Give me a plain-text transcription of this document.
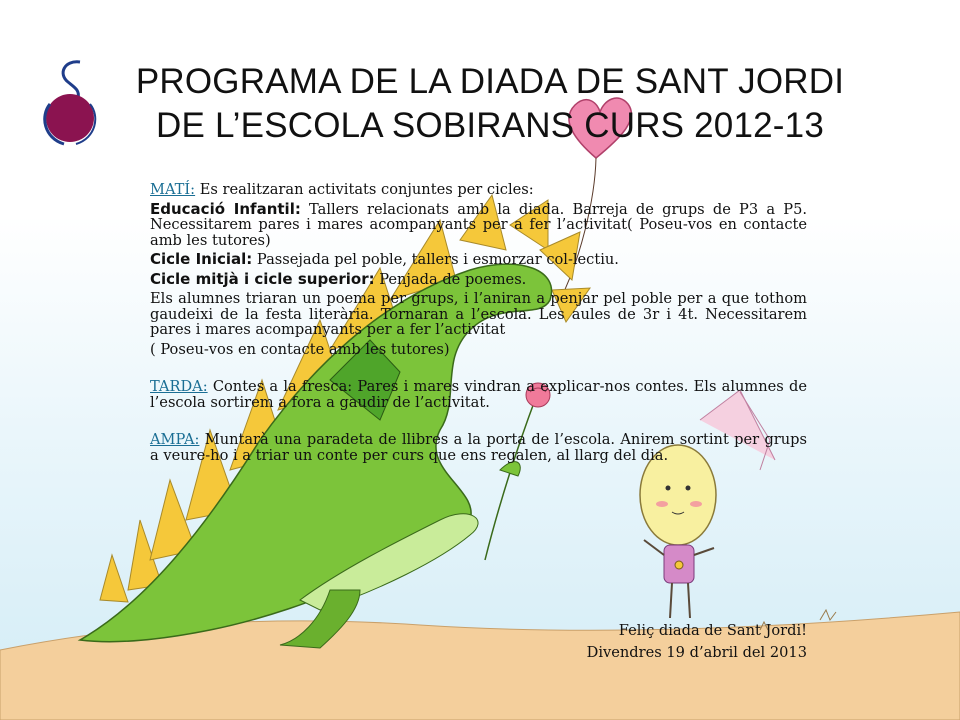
PROGRAMA DE LA DIADA DE SANT JORDI
DE L’ESCOLA SOBIRANS CURS 2012-13

MATÍ: Es realitzaran activitats conjuntes per cicles:

Educació Infantil: Tallers relacionats amb la diada. Barreja de grups de P3 a P5. Necessitarem pares i mares acompanyants per a fer l’activitat( Poseu-vos en contacte amb les tutores)

Cicle Inicial: Passejada pel poble, tallers i esmorzar col-lectiu.

Cicle mitjà i cicle superior: Penjada de poemes.

Els alumnes triaran un poema per grups, i l’aniran a penjar pel poble per a que tothom gaudeixi de la festa literària. Tornaran a l’escola. Les aules de 3r i 4t. Necessitarem pares i mares acompanyants per a fer l’activitat

( Poseu-vos en contacte amb les tutores)

TARDA: Contes a la fresca: Pares i mares vindran a explicar-nos contes. Els alumnes de l’escola sortirem a fora a gaudir de l’activitat.

AMPA: Muntarà una paradeta de llibres a la porta de l’escola. Anirem sortint per grups a veure-ho i a triar un conte per curs que ens regalen, al llarg del dia.

Feliç diada de Sant Jordi!
Divendres 19 d’abril del 2013
